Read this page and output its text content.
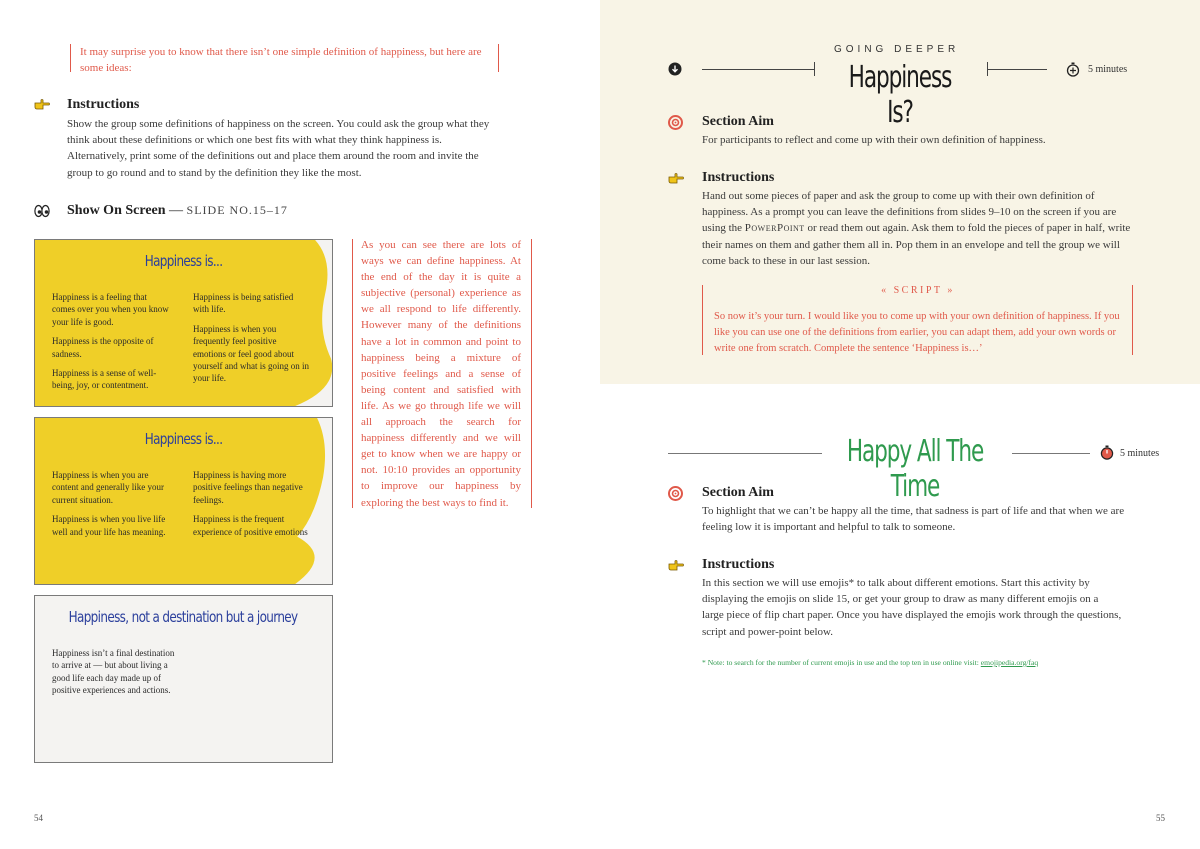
It may surprise you to know that there isn’t one simple definition of happiness, but here are some ideas:
Instructions
Show the group some definitions of happiness on the screen. You could ask the group what they think about these definitions or which one best fits with what they think happiness is. Alternatively, print some of the definitions out and place them around the room and invite the group to go round and to stand by the definition they like the most.
Show On Screen — SLIDE NO.15–17
Happiness is...

Happiness is a feeling that comes over you when you know your life is good.

Happiness is the opposite of sadness.

Happiness is a sense of well-being, joy, or contentment.

Happiness is being satisfied with life.

Happiness is when you frequently feel positive emotions or feel good about yourself and what is going on in your life.

Happiness is...

Happiness is when you are content and generally like your current situation.

Happiness is when you live life well and your life has meaning.

Happiness is having more positive feelings than negative feelings.

Happiness is the frequent experience of positive emotions

Happiness, not a destination but a journey

Happiness isn’t a final destination to arrive at — but about living a good life each day made up of positive experiences and actions.

As you can see there are lots of ways we can define happiness. At the end of the day it is quite a subjective (personal) experience as we all respond to life differently. However many of the definitions have a lot in common and point to happiness being a mixture of positive feelings and a sense of being content and satisfied with life. As we go through life we will all approach the search for happiness differently and we will get to know when we are happy or not. 10:10 provides an opportunity to improve our happiness by exploring the best ways to find it.
54
GOING DEEPER
Happiness Is?
5 minutes
Section Aim
For participants to reflect and come up with their own definition of happiness.
Instructions
Hand out some pieces of paper and ask the group to come up with their own definition of happiness. As a prompt you can leave the definitions from slides 9–10 on the screen if you are using the PowerPoint or read them out again. Ask them to fold the pieces of paper in half, write their names on them and gather them all in. Pop them in an envelope and tell the group we will come back to these in our last session.
« SCRIPT »
So now it’s your turn. I would like you to come up with your own definition of happiness. If you like you can use one of the definitions from earlier, you can adapt them, add your own words or write one from scratch. Complete the sentence ‘Happiness is…’
Happy All The Time
5 minutes
Section Aim
To highlight that we can’t be happy all the time, that sadness is part of life and that when we are feeling low it is important and helpful to talk to someone.
Instructions
In this section we will use emojis* to talk about different emotions. Start this activity by displaying the emojis on slide 15, or get your group to draw as many different emojis on a large piece of flip chart paper. Once you have displayed the emojis work through the questions, script and power-point below.
* Note: to search for the number of current emojis in use and the top ten in use online visit: emojipedia.org/faq
55
